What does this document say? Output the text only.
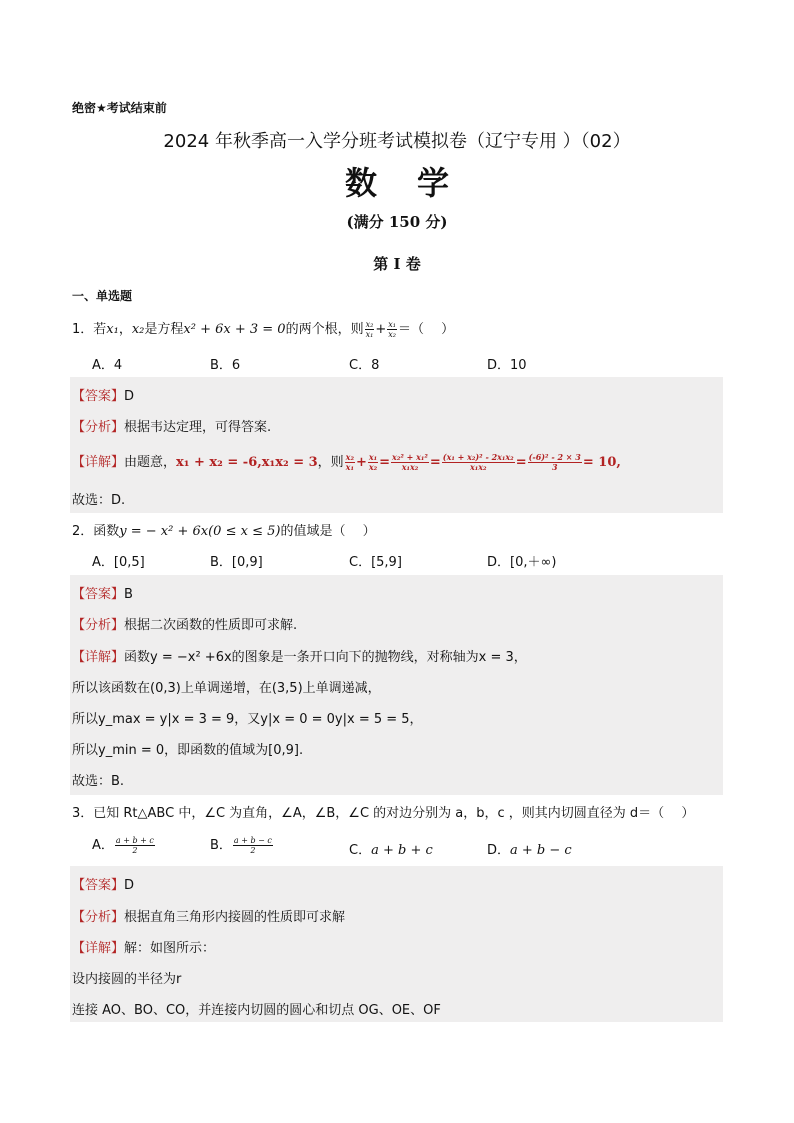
绝密★考试结束前
2024 年秋季高一入学分班考试模拟卷（辽宁专用 ）（02）
数学
(满分 150 分)
第 I 卷
一、单选题
1．若x₁，x₂是方程x² + 6x + 3 = 0的两个根，则 $\frac{\text{x₂}}{\text{x₁}} + \frac{\text{x₁}}{\text{x₂}}$ ＝（　 ）
A．4	B．6	C．8	D．10
【答案】D
【分析】根据韦达定理，可得答案.
【详解】由题意，x₁ + x₂ = -6,x₁x₂ = 3，则 $\frac{\text{x₂}}{\text{x₁}} + \frac{\text{x₁}}{\text{x₂}} = \frac{\text{x₂² + x₁²}}{\text{x₁x₂}} = \frac{\text{(x₁ + x₂)² - 2x₁x₂}}{\text{x₁x₂}} = \frac{\text{(-6)² - 2 × 3}}{3} = 10$,
故选：D.
2．函数y = − x² + 6x(0 ≤ x ≤ 5)的值域是（　 ）
A．[0,5]	B．[0,9]	C．[5,9]	D．[0,＋∞)
【答案】B
【分析】根据二次函数的性质即可求解.
【详解】函数y = −x² +6x的图象是一条开口向下的抛物线，对称轴为x = 3，
所以该函数在(0,3)上单调递增，在(3,5)上单调递减，
所以y_max = y|x = 3 = 9，又y|x = 0 = 0y|x = 5 = 5，
所以y_min = 0，即函数的值域为[0,9].
故选：B.
3．已知 Rt△ABC 中，∠C 为直角，∠A，∠B，∠C 的对边分别为 a，b，c ，则其内切圆直径为 d＝（　 ）
A． $\frac{a + b + c}{2}$	B． $\frac{a + b - c}{2}$	C．a + b + c	D．a + b − c
【答案】D
【分析】根据直角三角形内接圆的性质即可求解
【详解】解：如图所示：
设内接圆的半径为r
连接 AO、BO、CO，并连接内切圆的圆心和切点 OG、OE、OF
